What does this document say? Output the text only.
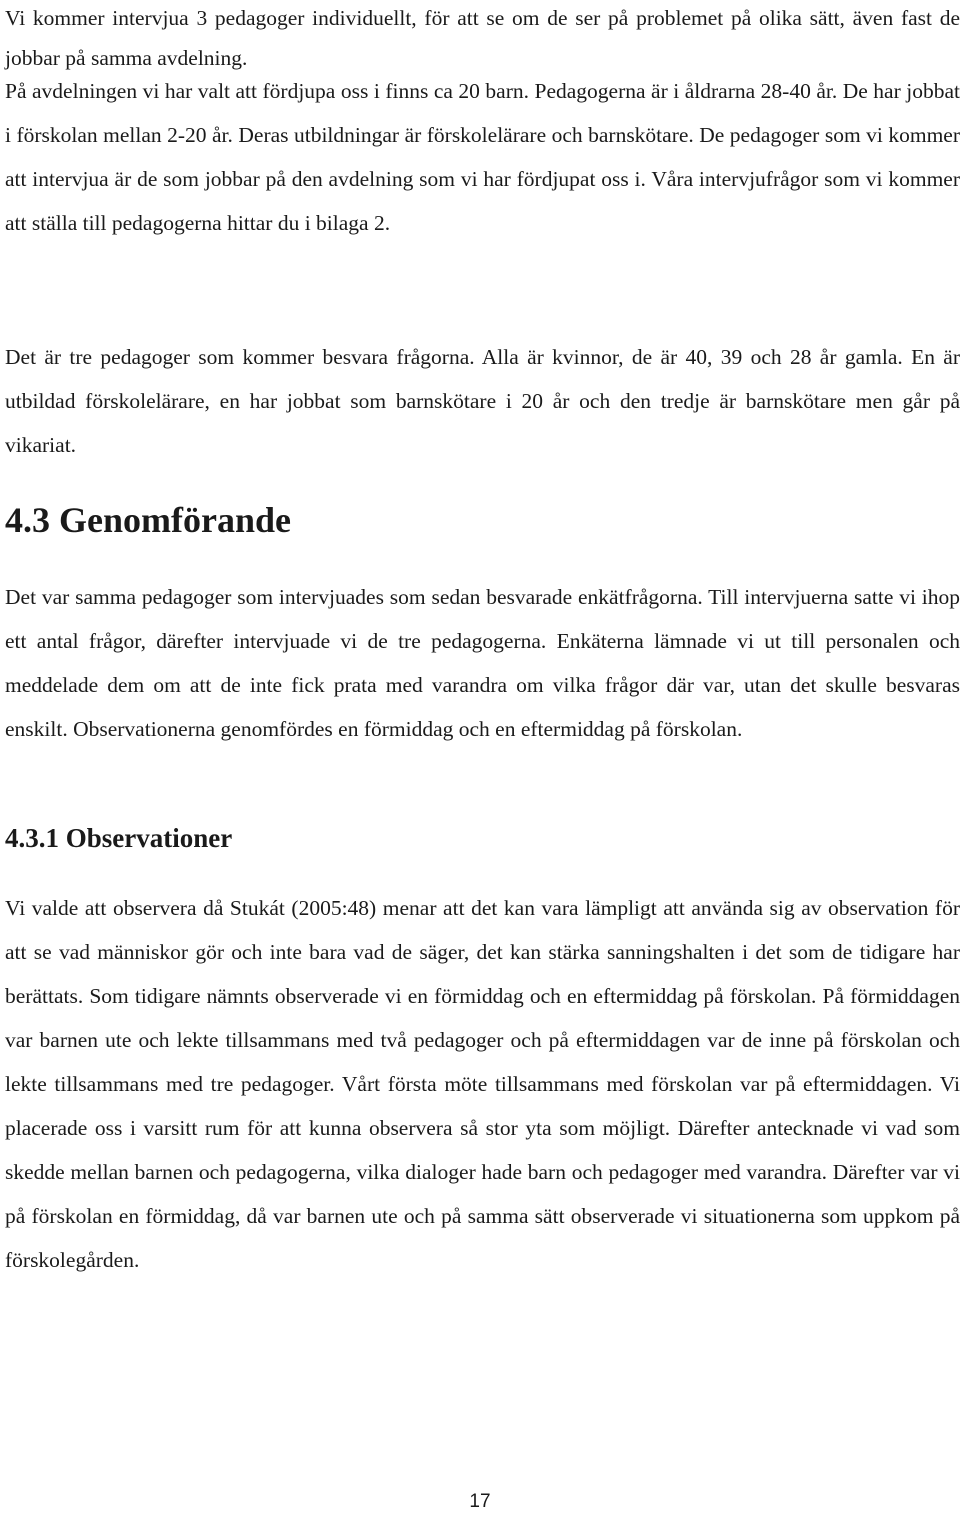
Vi kommer intervjua 3 pedagoger individuellt, för att se om de ser på problemet på olika sätt, även fast de jobbar på samma avdelning.

På avdelningen vi har valt att fördjupa oss i finns ca 20 barn. Pedagogerna är i åldrarna 28-40 år. De har jobbat i förskolan mellan 2-20 år. Deras utbildningar är förskolelärare och barnskötare. De pedagoger som vi kommer att intervjua är de som jobbar på den avdelning som vi har fördjupat oss i. Våra intervjufrågor som vi kommer att ställa till pedagogerna hittar du i bilaga 2.

Det är tre pedagoger som kommer besvara frågorna. Alla är kvinnor, de är 40, 39 och 28 år gamla. En är utbildad förskolelärare, en har jobbat som barnskötare i 20 år och den tredje är barnskötare men går på vikariat.

4.3 Genomförande

Det var samma pedagoger som intervjuades som sedan besvarade enkätfrågorna. Till intervjuerna satte vi ihop ett antal frågor, därefter intervjuade vi de tre pedagogerna. Enkäterna lämnade vi ut till personalen och meddelade dem om att de inte fick prata med varandra om vilka frågor där var, utan det skulle besvaras enskilt. Observationerna genomfördes en förmiddag och en eftermiddag på förskolan.

4.3.1 Observationer

Vi valde att observera då Stukát (2005:48) menar att det kan vara lämpligt att använda sig av observation för att se vad människor gör och inte bara vad de säger, det kan stärka sanningshalten i det som de tidigare har berättats. Som tidigare nämnts observerade vi en förmiddag och en eftermiddag på förskolan. På förmiddagen var barnen ute och lekte tillsammans med två pedagoger och på eftermiddagen var de inne på förskolan och lekte tillsammans med tre pedagoger. Vårt första möte tillsammans med förskolan var på eftermiddagen. Vi placerade oss i varsitt rum för att kunna observera så stor yta som möjligt. Därefter antecknade vi vad som skedde mellan barnen och pedagogerna, vilka dialoger hade barn och pedagoger med varandra. Därefter var vi på förskolan en förmiddag, då var barnen ute och på samma sätt observerade vi situationerna som uppkom på förskolegården.

17
